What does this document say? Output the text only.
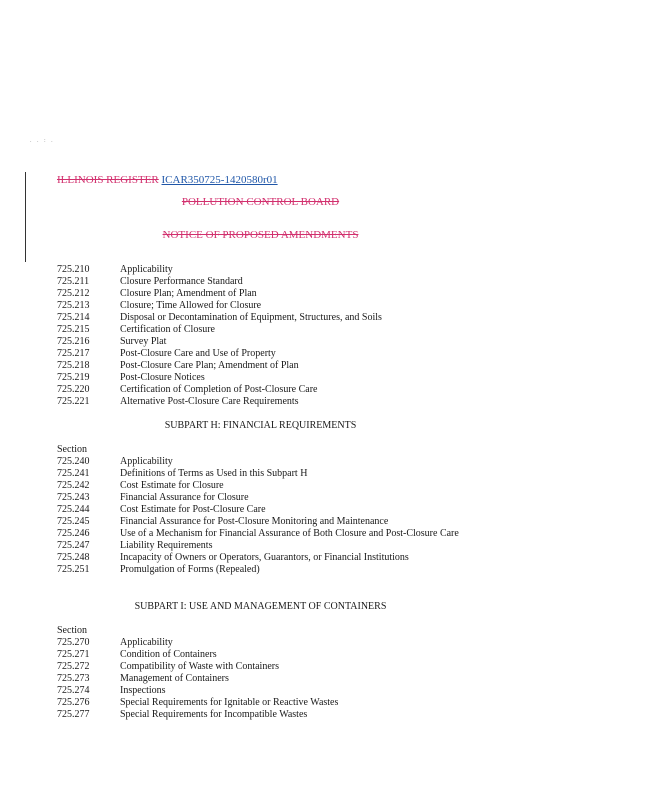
. . : .
ILLINOIS REGISTER ICAR350725-1420580r01
POLLUTION CONTROL BOARD
NOTICE OF PROPOSED AMENDMENTS
725.210	Applicability
725.211	Closure Performance Standard
725.212	Closure Plan; Amendment of Plan
725.213	Closure; Time Allowed for Closure
725.214	Disposal or Decontamination of Equipment, Structures, and Soils
725.215	Certification of Closure
725.216	Survey Plat
725.217	Post-Closure Care and Use of Property
725.218	Post-Closure Care Plan; Amendment of Plan
725.219	Post-Closure Notices
725.220	Certification of Completion of Post-Closure Care
725.221	Alternative Post-Closure Care Requirements
SUBPART H: FINANCIAL REQUIREMENTS
Section
725.240	Applicability
725.241	Definitions of Terms as Used in this Subpart H
725.242	Cost Estimate for Closure
725.243	Financial Assurance for Closure
725.244	Cost Estimate for Post-Closure Care
725.245	Financial Assurance for Post-Closure Monitoring and Maintenance
725.246	Use of a Mechanism for Financial Assurance of Both Closure and Post-Closure Care
725.247	Liability Requirements
725.248	Incapacity of Owners or Operators, Guarantors, or Financial Institutions
725.251	Promulgation of Forms (Repealed)
SUBPART I: USE AND MANAGEMENT OF CONTAINERS
Section
725.270	Applicability
725.271	Condition of Containers
725.272	Compatibility of Waste with Containers
725.273	Management of Containers
725.274	Inspections
725.276	Special Requirements for Ignitable or Reactive Wastes
725.277	Special Requirements for Incompatible Wastes
